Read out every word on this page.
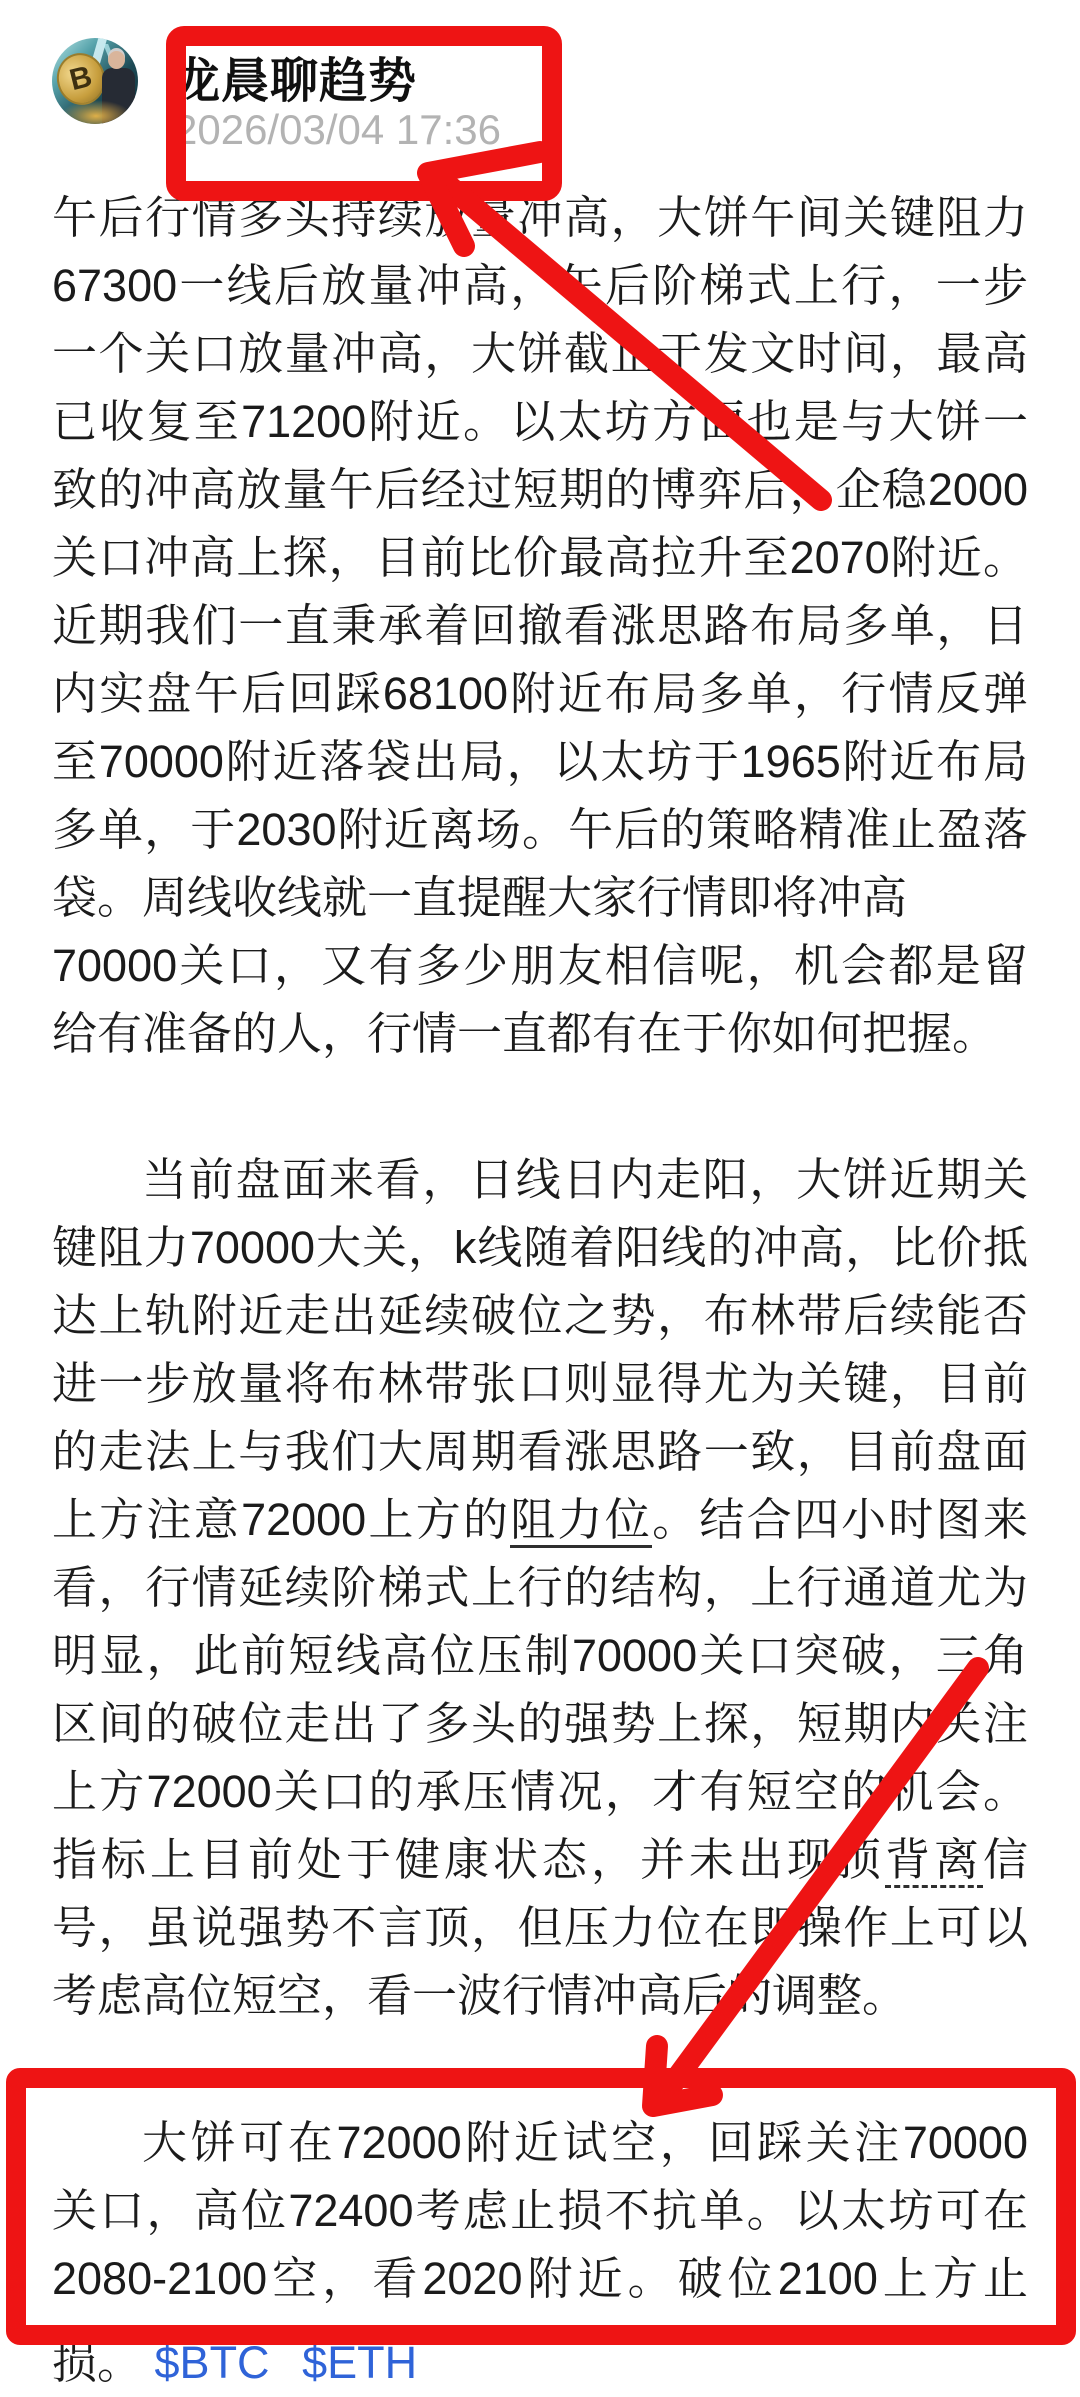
B 龙晨聊趋势
2026/03/04 17:36
午后行情多头持续放量冲高，大饼午间关键阻力
67300一线后放量冲高，午后阶梯式上行，一步
一个关口放量冲高，大饼截止于发文时间，最高
已收复至71200附近。以太坊方面也是与大饼一
致的冲高放量午后经过短期的博弈后，企稳2000
关口冲高上探，目前比价最高拉升至2070附近。
近期我们一直秉承着回撤看涨思路布局多单，日
内实盘午后回踩68100附近布局多单，行情反弹
至70000附近落袋出局，以太坊于1965附近布局
多单，于2030附近离场。午后的策略精准止盈落
袋。周线收线就一直提醒大家行情即将冲高
70000关口，又有多少朋友相信呢，机会都是留
给有准备的人，行情一直都有在于你如何把握。
当前盘面来看，日线日内走阳，大饼近期关
键阻力70000大关，k线随着阳线的冲高，比价抵
达上轨附近走出延续破位之势，布林带后续能否
进一步放量将布林带张口则显得尤为关键，目前
的走法上与我们大周期看涨思路一致，目前盘面
上方注意72000上方的阻力位。结合四小时图来
看，行情延续阶梯式上行的结构，上行通道尤为
明显，此前短线高位压制70000关口突破，三角
区间的破位走出了多头的强势上探，短期内关注
上方72000关口的承压情况，才有短空的机会。
指标上目前处于健康状态，并未出现顶背离信
号，虽说强势不言顶，但压力位在即操作上可以
考虑高位短空，看一波行情冲高后的调整。
大饼可在72000附近试空，回踩关注70000
关口，高位72400考虑止损不抗单。以太坊可在
2080-2100空，看2020附近。破位2100上方止
损。 $BTC $ETH
